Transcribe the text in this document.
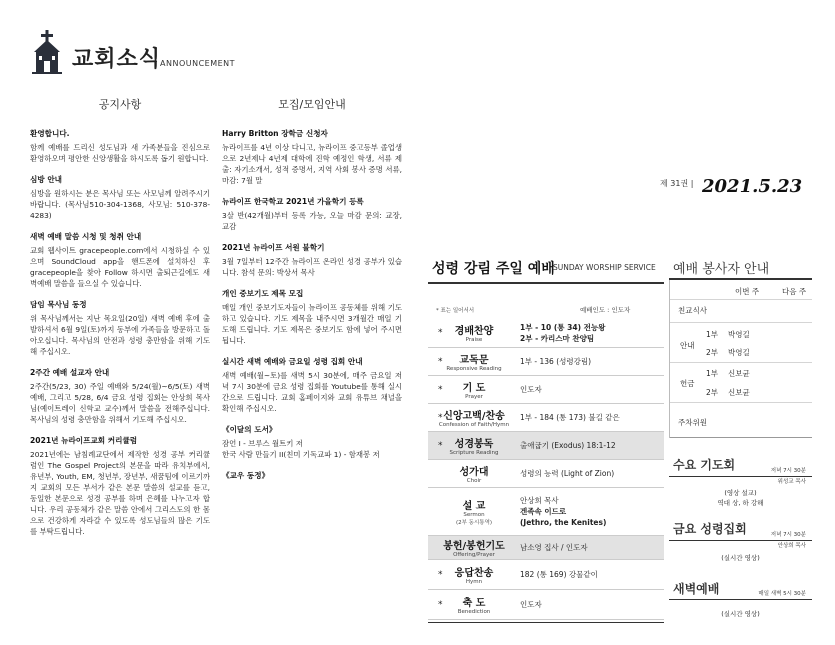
교회소식
ANNOUNCEMENT
공지사항
환영합니다.
함께 예배를 드리신 성도님과 새 가족분들을 진심으로 환영하오며 평안한 신앙생활을 하시도록 돕기 원합니다.
심방 안내
심방을 원하시는 분은 목사님 또는 사모님께 알려주시기 바랍니다. (목사님510-304-1368, 사모님: 510-378-4283)
새벽 예배 말씀 시청 및 청취 안내
교회 웹사이트 gracepeople.com에서 시청하실 수 있으며 SoundCloud app을 핸드폰에 설치하신 후 gracepeople을 찾아 Follow 하시면 출퇴근길에도 새벽예배 말씀을 들으실 수 있습니다.
담임 목사님 동정
위 목사님께서는 지난 목요일(20일) 새벽 예배 후에 출발하셔서 6월 9일(토)까지 동부에 가족들을 방문하고 돌아오십니다. 목사님의 안전과 성령 충만함을 위해 기도해 주십시오.
2주간 예배 설교자 안내
2주간(5/23, 30) 주일 예배와 5/24(월)~6/5(토) 새벽 예배, 그리고 5/28, 6/4 금요 성령 집회는 안상희 목사님(예이트레이 신학교 교수)께서 말씀을 전해주십니다. 목사님의 성령 충만함을 위해서 기도해 주십시오.
2021년 뉴라이프교회 커리큘럼
2021년에는 남침례교단에서 제작한 성경 공부 커리큘럼인 The Gospel Project의 본문을 따라 유치부에서, 유년부, Youth, EM, 청년부, 장년부, 새꿈팀에 이르기까지 교회의 모든 부서가 같은 본문 말씀의 설교를 듣고, 동일한 본문으로 성경 공부를 하며 은혜를 나누고자 합니다. 우리 공동체가 같은 말씀 안에서 그리스도의 한 몸으로 건강하게 자라갈 수 있도록 성도님들의 많은 기도를 부탁드립니다.
모집/모임안내
Harry Britton 장학금 신청자
뉴라이프를 4년 이상 다니고, 뉴라이프 중고등부 졸업생으로 2년제나 4년제 대학에 진학 예정인 학생, 서류 제출: 자기소개서, 성적 증명서, 지역 사회 봉사 증명 서류, 마감: 7월 말
뉴라이프 한국학교 2021년 가을학기 등록
3살 반(42개월)부터 등록 가능, 오늘 마감 문의: 교장, 교감
2021년 뉴라이프 서원 불학기
3월 7일부터 12주간 뉴라이프 온라인 성경 공부가 있습니다. 참석 문의: 박상서 목사
개인 중보기도 제목 모집
매일 개인 중보기도자들이 뉴라이프 공동체를 위해 기도하고 있습니다. 기도 제목을 내주시면 3개월간 매일 기도해 드립니다. 기도 제목은 중보기도 함에 넣어 주시면 됩니다.
실시간 새벽 예배와 금요일 성령 집회 안내
새벽 예배(월~토)를 새벽 5시 30분에, 매주 금요일 저녁 7시 30분에 금요 성령 집회를 Youtube를 통해 실시간으로 드립니다. 교회 홈페이지와 교회 유튜브 채널을 확인해 주십시오.
《이달의 도서》
잠언 I - 브루스 월트키 저
한국 사람 만들기 II(친미 기독교파 1) - 함재봉 저
《교우 동정》
제 31권 | 2021.5.23
성령 강림 주일 예배
SUNDAY WORSHIP SERVICE
* 표는 일어서서	예배인도 : 인도자
* 경배찬양
Praise
1부 - 10 (통 34) 전능왕
2부 - 카리스마 찬양팀
* 교독문
Responsive Reading
1부 - 136 (성령강림)
* 기 도
Prayer
인도자
* 신앙고백/찬송
Confession of Faith/Hymn
1부 - 184 (통 173) 불길 같은
* 성경봉독
Scripture Reading
출애굽기 (Exodus) 18:1-12
성가대
Choir
성령의 능력 (Light of Zion)
설 교
Sermon
(2부 동시통역)
안상희 목사
겐족속 이드로
(Jethro, the Kenites)
봉헌/봉헌기도
Offering/Prayer
남소영 집사 / 인도자
* 응답찬송
Hymn
182 (통 169) 강물같이
* 축 도
Benediction
인도자
예배 봉사자 안내
이번 주	다음 주
친교식사
안내
1부 박영길
2부 박영길
헌금
1부 신보균
2부 신보균
주차위원
수요 기도회	저녁 7시 30분
위성교 목사
(영상 설교)
역대 상, 하 강해
금요 성령집회	저녁 7시 30분
안상희 목사
(실시간 영상)
새벽예배	매일 새벽 5시 30분
(실시간 영상)
